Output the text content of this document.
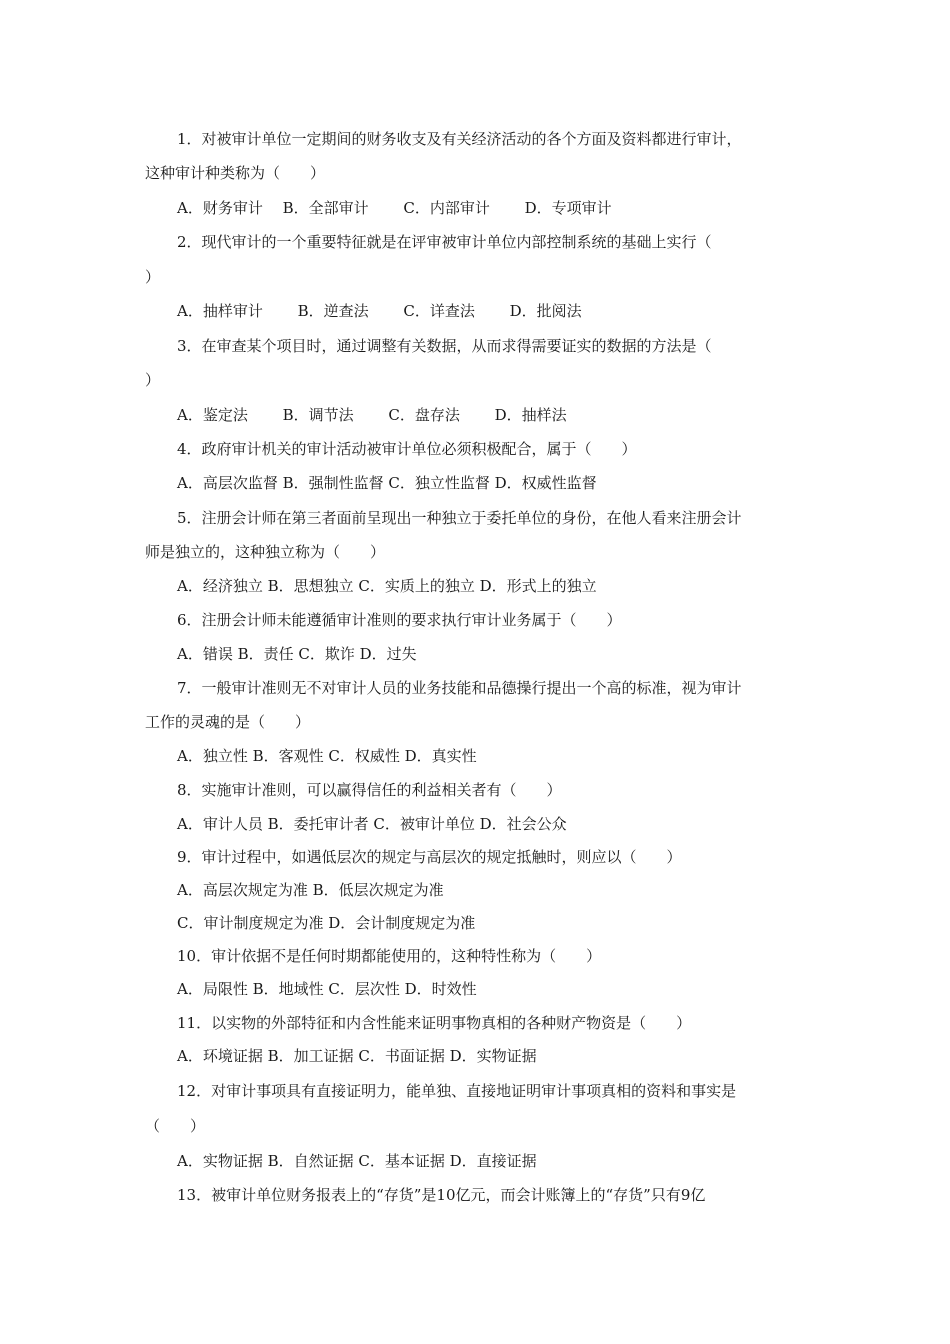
1．对被审计单位一定期间的财务收支及有关经济活动的各个方面及资料都进行审计，
这种审计种类称为（　　）
A．财务审计　 B．全部审计　　 C．内部审计　　 D．专项审计
2．现代审计的一个重要特征就是在评审被审计单位内部控制系统的基础上实行（
）
A．抽样审计　　 B．逆查法　　 C．详查法　　 D．批阅法
3．在审查某个项目时，通过调整有关数据，从而求得需要证实的数据的方法是（
）
A．鉴定法　　 B．调节法　　 C．盘存法　　 D．抽样法
4．政府审计机关的审计活动被审计单位必须积极配合，属于（　　）
A．高层次监督 B．强制性监督 C．独立性监督 D．权威性监督
5．注册会计师在第三者面前呈现出一种独立于委托单位的身份，在他人看来注册会计
师是独立的，这种独立称为（　　）
A．经济独立 B．思想独立 C．实质上的独立 D．形式上的独立
6．注册会计师未能遵循审计准则的要求执行审计业务属于（　　）
A．错误 B．责任 C．欺诈 D．过失
7．一般审计准则无不对审计人员的业务技能和品德操行提出一个高的标准，视为审计
工作的灵魂的是（　　）
A．独立性 B．客观性 C．权威性 D．真实性
8．实施审计准则，可以赢得信任的利益相关者有（　　）
A．审计人员 B．委托审计者 C．被审计单位 D．社会公众
9．审计过程中，如遇低层次的规定与高层次的规定抵触时，则应以（　　）
A．高层次规定为准 B．低层次规定为准
C．审计制度规定为准 D．会计制度规定为准
10．审计依据不是任何时期都能使用的，这种特性称为（　　）
A．局限性 B．地域性 C．层次性 D．时效性
11．以实物的外部特征和内含性能来证明事物真相的各种财产物资是（　　）
A．环境证据 B．加工证据 C．书面证据 D．实物证据
12．对审计事项具有直接证明力，能单独、直接地证明审计事项真相的资料和事实是
（　　）
A．实物证据 B．自然证据 C．基本证据 D．直接证据
13．被审计单位财务报表上的“存货”是10亿元，而会计账簿上的“存货”只有9亿
